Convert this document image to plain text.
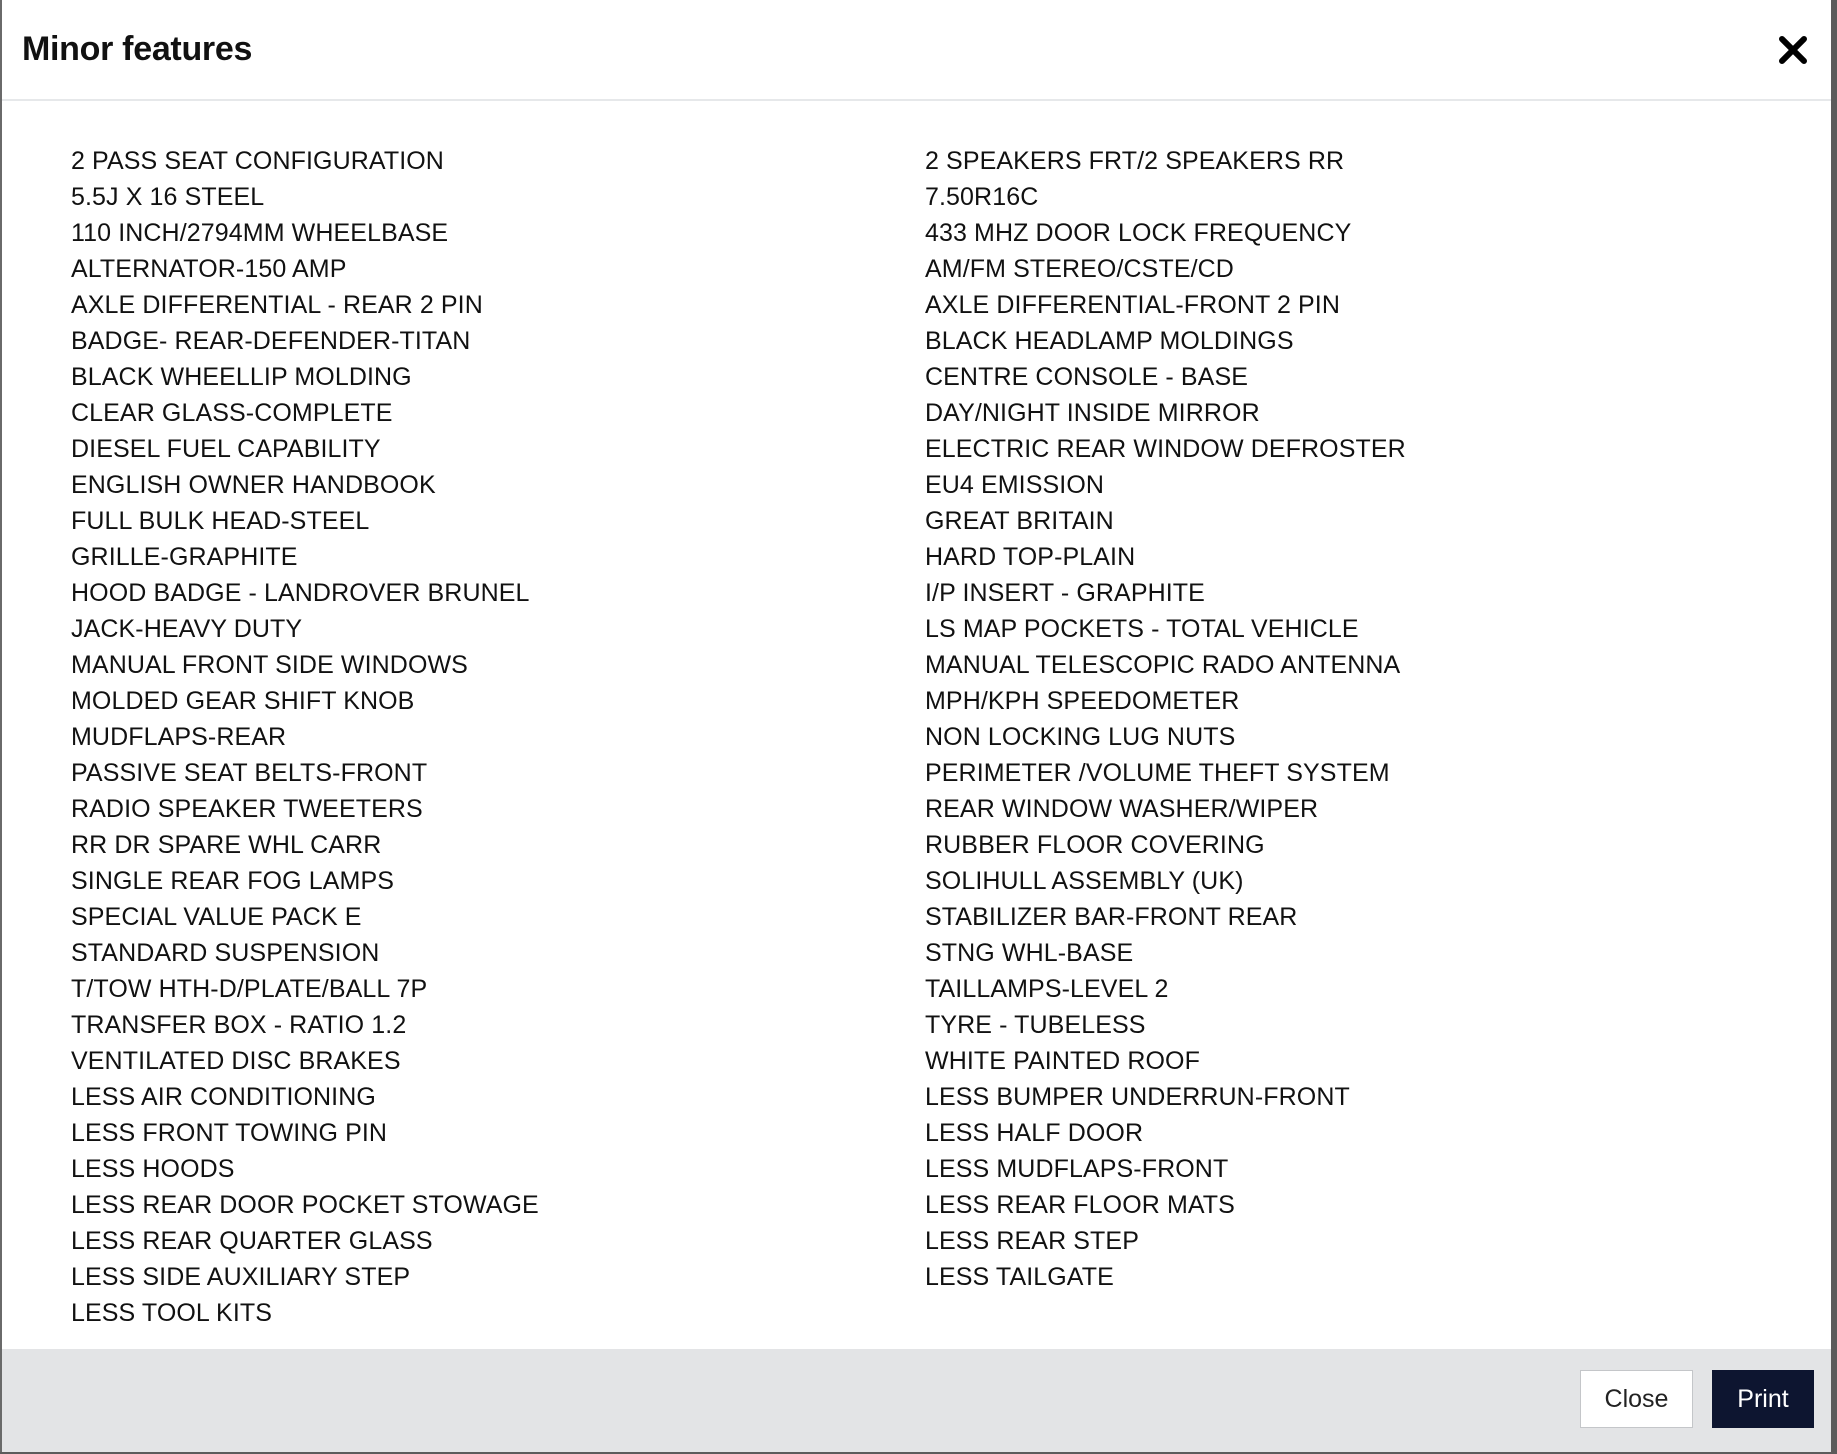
Minor features
2 PASS SEAT CONFIGURATION	2 SPEAKERS FRT/2 SPEAKERS RR
5.5J X 16 STEEL	7.50R16C
110 INCH/2794MM WHEELBASE	433 MHZ DOOR LOCK FREQUENCY
ALTERNATOR-150 AMP	AM/FM STEREO/CSTE/CD
AXLE DIFFERENTIAL - REAR 2 PIN	AXLE DIFFERENTIAL-FRONT 2 PIN
BADGE- REAR-DEFENDER-TITAN	BLACK HEADLAMP MOLDINGS
BLACK WHEELLIP MOLDING	CENTRE CONSOLE - BASE
CLEAR GLASS-COMPLETE	DAY/NIGHT INSIDE MIRROR
DIESEL FUEL CAPABILITY	ELECTRIC REAR WINDOW DEFROSTER
ENGLISH OWNER HANDBOOK	EU4 EMISSION
FULL BULK HEAD-STEEL	GREAT BRITAIN
GRILLE-GRAPHITE	HARD TOP-PLAIN
HOOD BADGE - LANDROVER BRUNEL	I/P INSERT - GRAPHITE
JACK-HEAVY DUTY	LS MAP POCKETS - TOTAL VEHICLE
MANUAL FRONT SIDE WINDOWS	MANUAL TELESCOPIC RADO ANTENNA
MOLDED GEAR SHIFT KNOB	MPH/KPH SPEEDOMETER
MUDFLAPS-REAR	NON LOCKING LUG NUTS
PASSIVE SEAT BELTS-FRONT	PERIMETER /VOLUME THEFT SYSTEM
RADIO SPEAKER TWEETERS	REAR WINDOW WASHER/WIPER
RR DR SPARE WHL CARR	RUBBER FLOOR COVERING
SINGLE REAR FOG LAMPS	SOLIHULL ASSEMBLY (UK)
SPECIAL VALUE PACK E	STABILIZER BAR-FRONT REAR
STANDARD SUSPENSION	STNG WHL-BASE
T/TOW HTH-D/PLATE/BALL 7P	TAILLAMPS-LEVEL 2
TRANSFER BOX - RATIO 1.2	TYRE - TUBELESS
VENTILATED DISC BRAKES	WHITE PAINTED ROOF
LESS AIR CONDITIONING	LESS BUMPER UNDERRUN-FRONT
LESS FRONT TOWING PIN	LESS HALF DOOR
LESS HOODS	LESS MUDFLAPS-FRONT
LESS REAR DOOR POCKET STOWAGE	LESS REAR FLOOR MATS
LESS REAR QUARTER GLASS	LESS REAR STEP
LESS SIDE AUXILIARY STEP	LESS TAILGATE
LESS TOOL KITS
Close	Print
